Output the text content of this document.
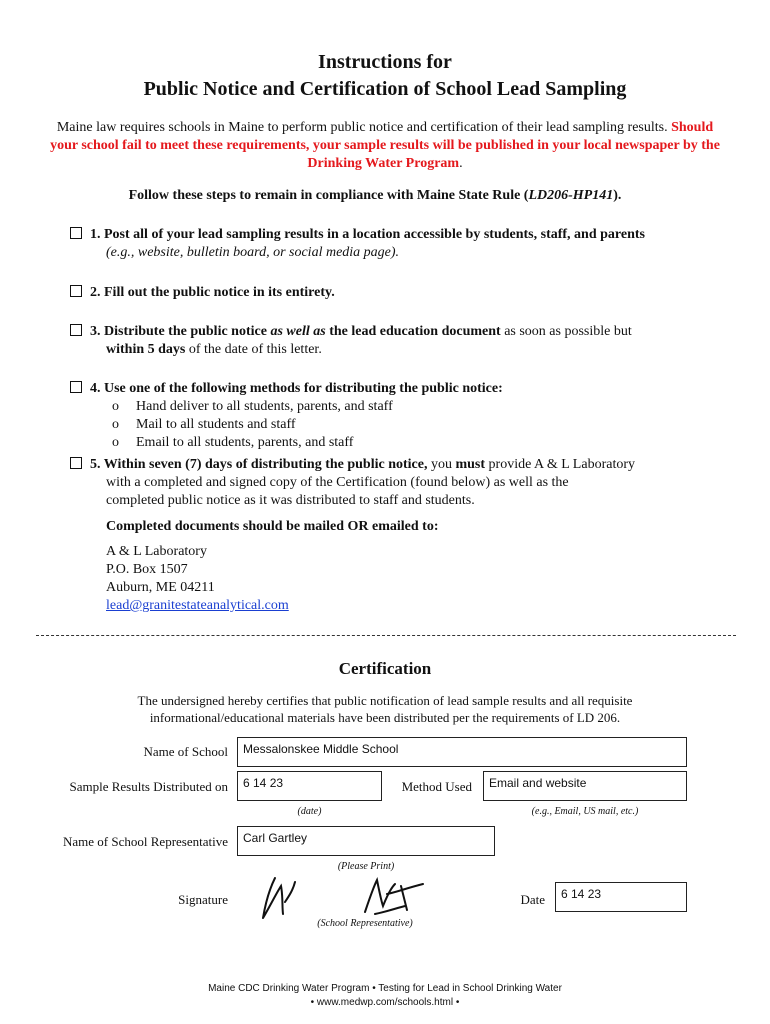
Instructions for
Public Notice and Certification of School Lead Sampling
Maine law requires schools in Maine to perform public notice and certification of their lead sampling results. Should your school fail to meet these requirements, your sample results will be published in your local newspaper by the Drinking Water Program.
Follow these steps to remain in compliance with Maine State Rule (LD206-HP141).
1. Post all of your lead sampling results in a location accessible by students, staff, and parents
(e.g., website, bulletin board, or social media page).
2. Fill out the public notice in its entirety.
3. Distribute the public notice as well as the lead education document as soon as possible but
within 5 days of the date of this letter.
4. Use one of the following methods for distributing the public notice:
o Hand deliver to all students, parents, and staff
o Mail to all students and staff
o Email to all students, parents, and staff
5. Within seven (7) days of distributing the public notice, you must provide A & L Laboratory
with a completed and signed copy of the Certification (found below) as well as the
completed public notice as it was distributed to staff and students.
Completed documents should be mailed OR emailed to:
A & L Laboratory
P.O. Box 1507
Auburn, ME 04211
lead@granitestateanalytical.com
Certification
The undersigned hereby certifies that public notification of lead sample results and all requisite informational/educational materials have been distributed per the requirements of LD 206.
Name of School	Messalonskee Middle School
Sample Results Distributed on	6 14 23
(date)
Method Used	Email and website
(e.g., Email, US mail, etc.)
Name of School Representative	Carl Gartley
(Please Print)
Signature
(School Representative)
Date	6 14 23
Maine CDC Drinking Water Program • Testing for Lead in School Drinking Water
• www.medwp.com/schools.html •
